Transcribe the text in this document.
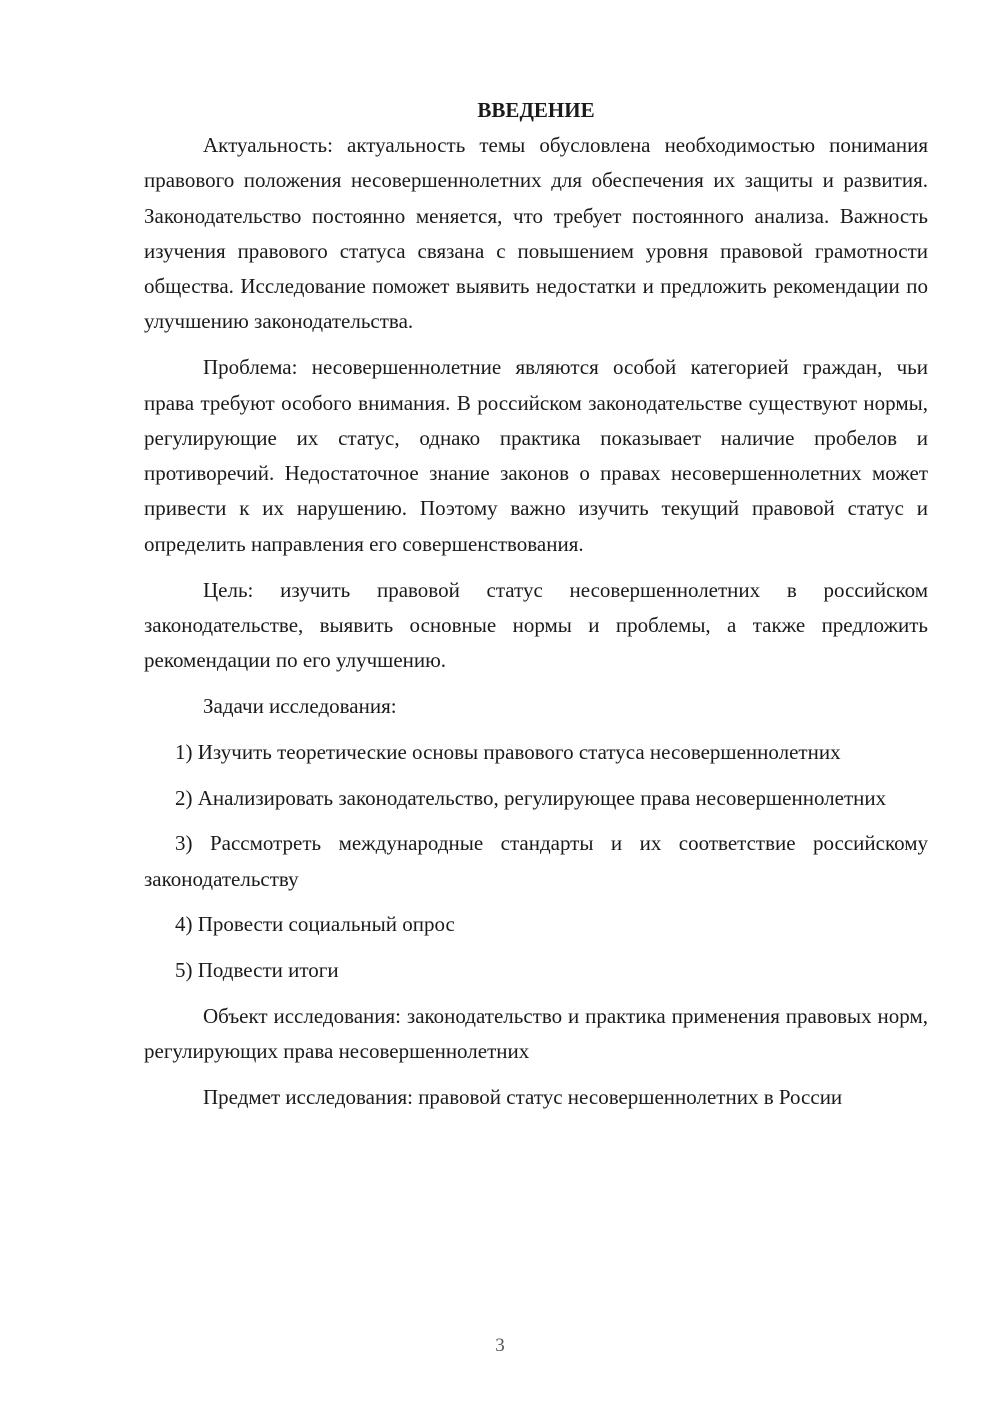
ВВЕДЕНИЕ

Актуальность: актуальность темы обусловлена необходимостью понимания правового положения несовершеннолетних для обеспечения их защиты и развития. Законодательство постоянно меняется, что требует постоянного анализа. Важность изучения правового статуса связана с повышением уровня правовой грамотности общества. Исследование поможет выявить недостатки и предложить рекомендации по улучшению законодательства.

Проблема: несовершеннолетние являются особой категорией граждан, чьи права требуют особого внимания. В российском законодательстве существуют нормы, регулирующие их статус, однако практика показывает наличие пробелов и противоречий. Недостаточное знание законов о правах несовершеннолетних может привести к их нарушению. Поэтому важно изучить текущий правовой статус и определить направления его совершенствования.

Цель: изучить правовой статус несовершеннолетних в российском законодательстве, выявить основные нормы и проблемы, а также предложить рекомендации по его улучшению.

Задачи исследования:

1) Изучить теоретические основы правового статуса несовершеннолетних

2) Анализировать законодательство, регулирующее права несовершеннолетних

3) Рассмотреть международные стандарты и их соответствие российскому законодательству

4) Провести социальный опрос

5) Подвести итоги

Объект исследования: законодательство и практика применения правовых норм, регулирующих права несовершеннолетних

Предмет исследования: правовой статус несовершеннолетних в России

3
